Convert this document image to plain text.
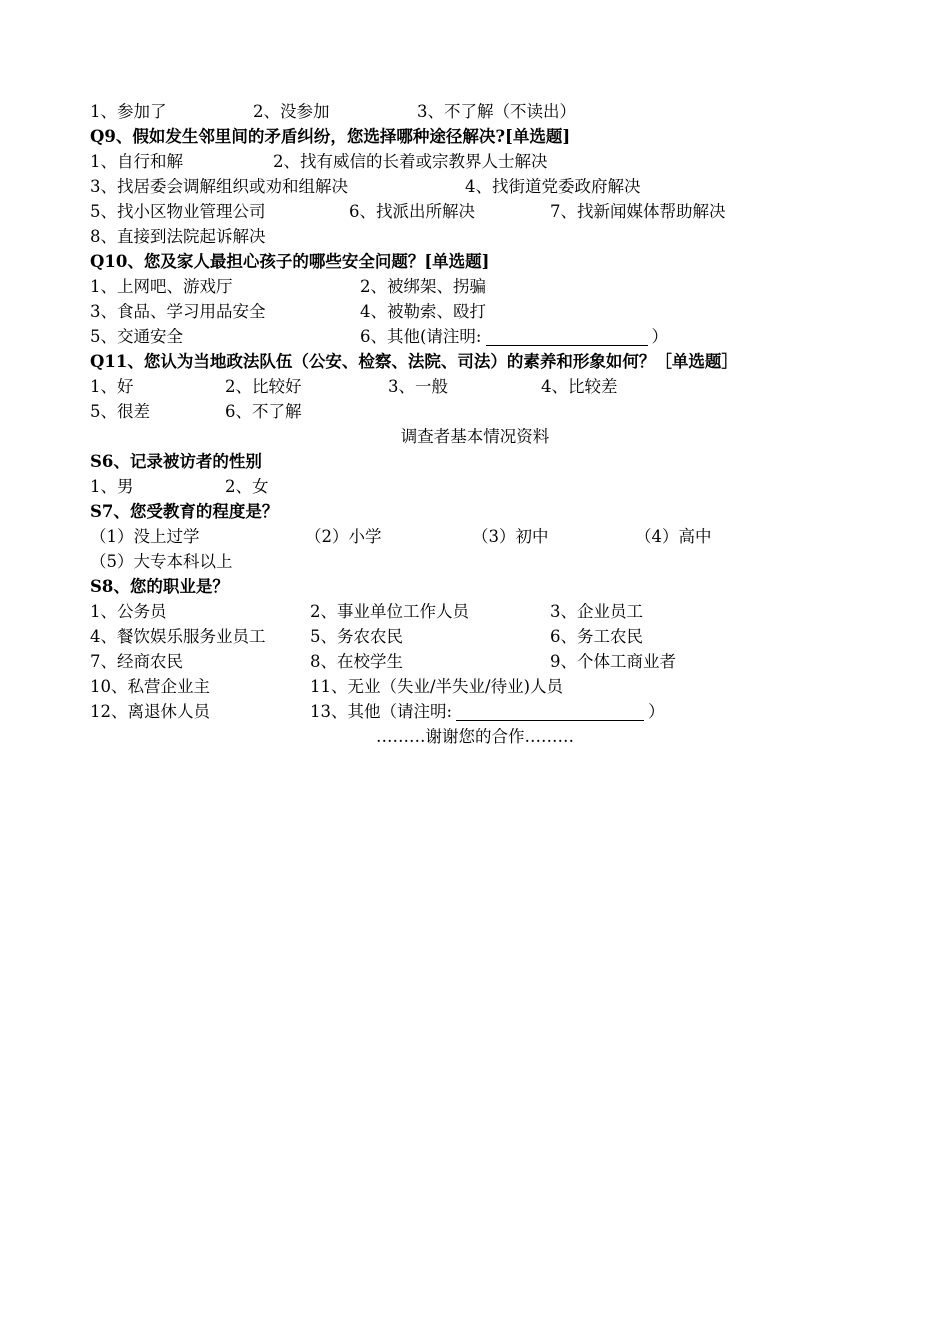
1、参加了	2、没参加	3、不了解（不读出）
Q9、假如发生邻里间的矛盾纠纷，您选择哪种途径解决?[单选题]
1、自行和解	2、找有威信的长着或宗教界人士解决
3、找居委会调解组织或劝和组解决	4、找街道党委政府解决
5、找小区物业管理公司	6、找派出所解决	7、找新闻媒体帮助解决
8、直接到法院起诉解决
Q10、您及家人最担心孩子的哪些安全问题？[单选题]
1、上网吧、游戏厅	2、被绑架、拐骗
3、食品、学习用品安全	4、被勒索、殴打
5、交通安全	6、其他(请注明:	）
Q11、您认为当地政法队伍（公安、检察、法院、司法）的素养和形象如何？［单选题］
1、好	2、比较好	3、一般	4、比较差
5、很差	6、不了解
调查者基本情况资料
S6、记录被访者的性别
1、男	2、女
S7、您受教育的程度是？
（1）没上过学	（2）小学	（3）初中	（4）高中
（5）大专本科以上
S8、您的职业是？
1、公务员	2、事业单位工作人员	3、企业员工
4、餐饮娱乐服务业员工	5、务农农民	6、务工农民
7、经商农民	8、在校学生	9、个体工商业者
10、私营企业主	11、无业（失业/半失业/待业)人员
12、离退休人员	13、其他（请注明:	）
………谢谢您的合作………
